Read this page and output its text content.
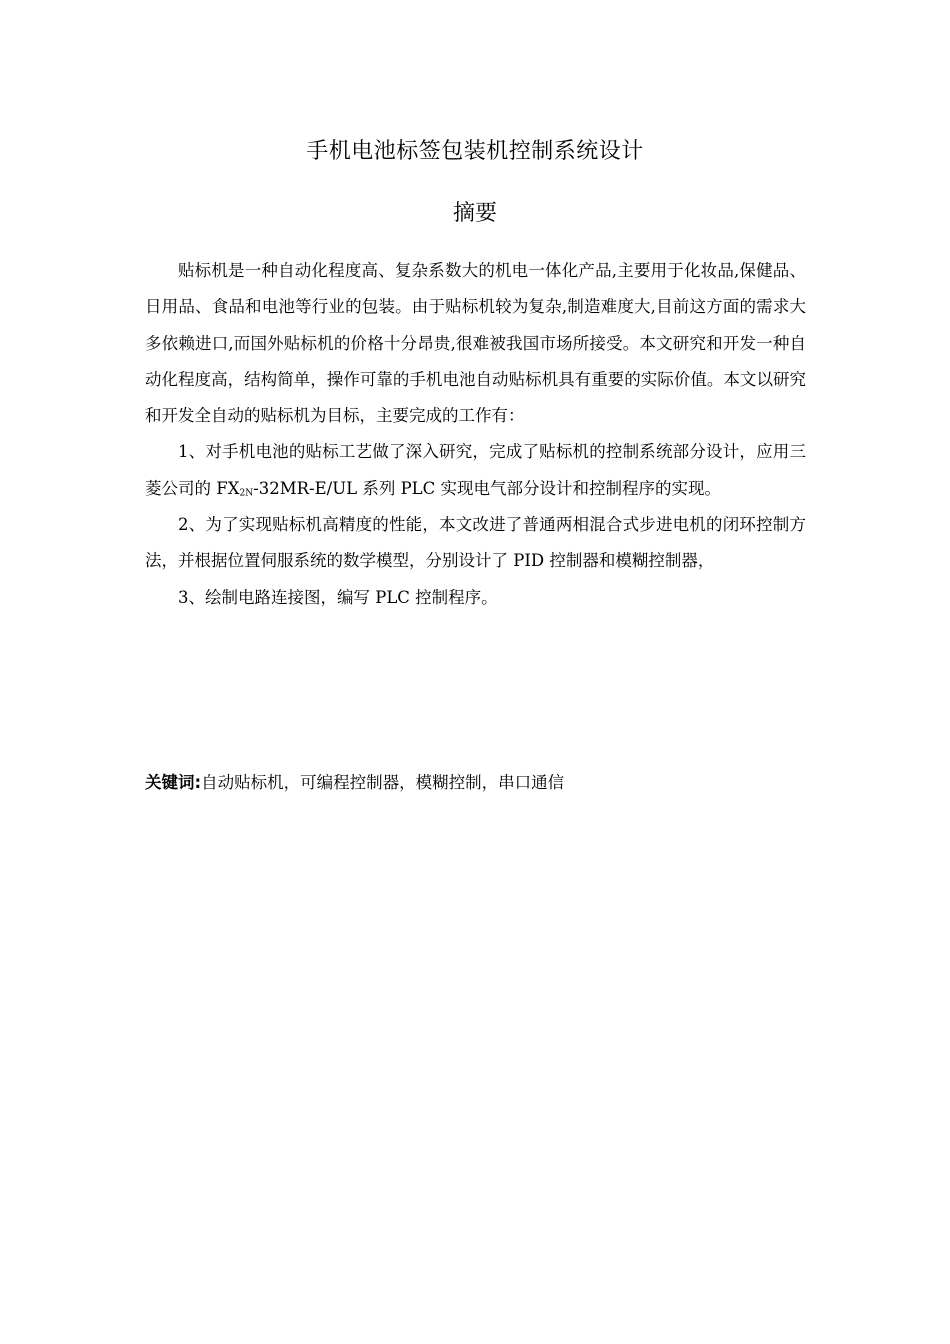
手机电池标签包装机控制系统设计
摘要

贴标机是一种自动化程度高、复杂系数大的机电一体化产品,主要用于化妆品,保健品、日用品、食品和电池等行业的包装。由于贴标机较为复杂,制造难度大,目前这方面的需求大多依赖进口,而国外贴标机的价格十分昂贵,很难被我国市场所接受。本文研究和开发一种自动化程度高，结构简单，操作可靠的手机电池自动贴标机具有重要的实际价值。本文以研究和开发全自动的贴标机为目标，主要完成的工作有：

1、对手机电池的贴标工艺做了深入研究，完成了贴标机的控制系统部分设计，应用三菱公司的 $FX_{2N}-32MR-E/UL$ 系列 PLC 实现电气部分设计和控制程序的实现。

2、为了实现贴标机高精度的性能，本文改进了普通两相混合式步进电机的闭环控制方法，并根据位置伺服系统的数学模型，分别设计了 PID 控制器和模糊控制器，

3、绘制电路连接图，编写 PLC 控制程序。

关键词:自动贴标机，可编程控制器，模糊控制，串口通信
